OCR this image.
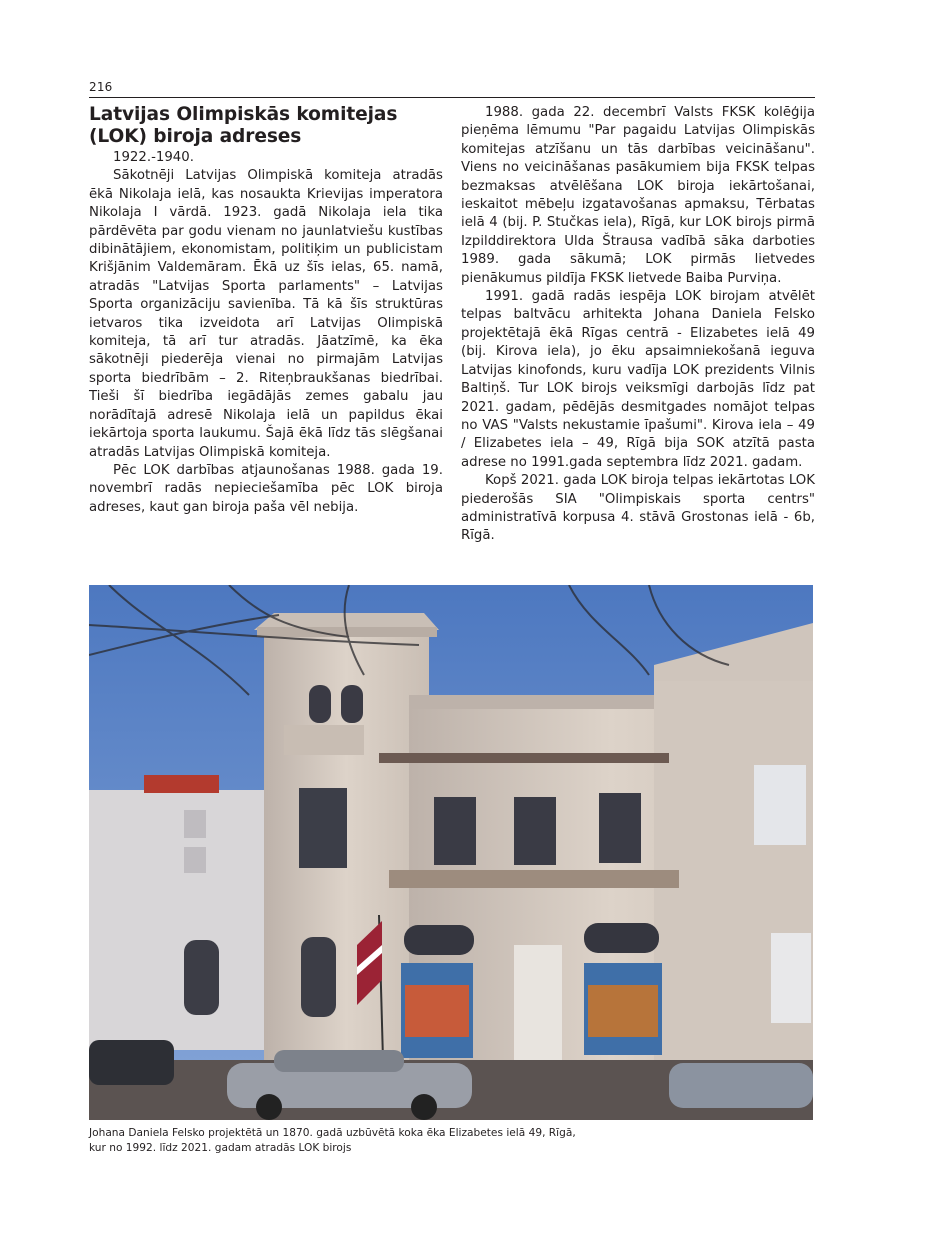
216
Latvijas Olimpiskās komitejas (LOK) biroja adreses

1922.-1940.

Sākotnēji Latvijas Olimpiskā komiteja atradās ēkā Nikolaja ielā, kas nosaukta Krievijas imperatora Nikolaja I vārdā. 1923. gadā Nikolaja iela tika pārdēvēta par godu vienam no jaunlatviešu kustības dibinātājiem, ekonomistam, politiķim un publicistam Krišjānim Valdemāram. Ēkā uz šīs ielas, 65. namā, atradās "Latvijas Sporta parlaments" – Latvijas Sporta organizāciju savienība. Tā kā šīs struktūras ietvaros tika izveidota arī Latvijas Olimpiskā komiteja, tā arī tur atradās. Jāatzīmē, ka ēka sākotnēji piederēja vienai no pirmajām Latvijas sporta biedrībām – 2. Riteņbraukšanas biedrībai. Tieši šī biedrība iegādājās zemes gabalu jau norādītajā adresē Nikolaja ielā un papildus ēkai iekārtoja sporta laukumu. Šajā ēkā līdz tās slēgšanai atradās Latvijas Olimpiskā komiteja.

Pēc LOK darbības atjaunošanas 1988. gada 19. novembrī radās nepieciešamība pēc LOK biroja adreses, kaut gan biroja paša vēl nebija.

1988. gada 22. decembrī Valsts FKSK kolēģija pieņēma lēmumu "Par pagaidu Latvijas Olimpiskās komitejas atzīšanu un tās darbības veicināšanu". Viens no veicināšanas pasākumiem bija FKSK telpas bezmaksas atvēlēšana LOK biroja iekārtošanai, ieskaitot mēbeļu izgatavošanas apmaksu, Tērbatas ielā 4 (bij. P. Stučkas iela), Rīgā, kur LOK birojs pirmā Izpilddirektora Ulda Štrausa vadībā sāka darboties 1989. gada sākumā; LOK pirmās lietvedes pienākumus pildīja FKSK lietvede Baiba Purviņa.

1991. gadā radās iespēja LOK birojam atvēlēt telpas baltvācu arhitekta Johana Daniela Felsko projektētajā ēkā Rīgas centrā - Elizabetes ielā 49 (bij. Kirova iela), jo ēku apsaimniekošanā ieguva Latvijas kinofonds, kuru vadīja LOK prezidents Vilnis Baltiņš. Tur LOK birojs veiksmīgi darbojās līdz pat 2021. gadam, pēdējās desmitgades nomājot telpas no VAS "Valsts nekustamie īpašumi". Kirova iela – 49 / Elizabetes iela – 49, Rīgā bija SOK atzītā pasta adrese no 1991.gada septembra līdz 2021. gadam.

Kopš 2021. gada LOK biroja telpas iekārtotas LOK piederošās SIA "Olimpiskais sporta centrs" administratīvā korpusa 4. stāvā Grostonas ielā - 6b, Rīgā.

Johana Daniela Felsko projektētā un 1870. gadā uzbūvētā koka ēka Elizabetes ielā 49, Rīgā,
kur no 1992. līdz 2021. gadam atradās LOK birojs
